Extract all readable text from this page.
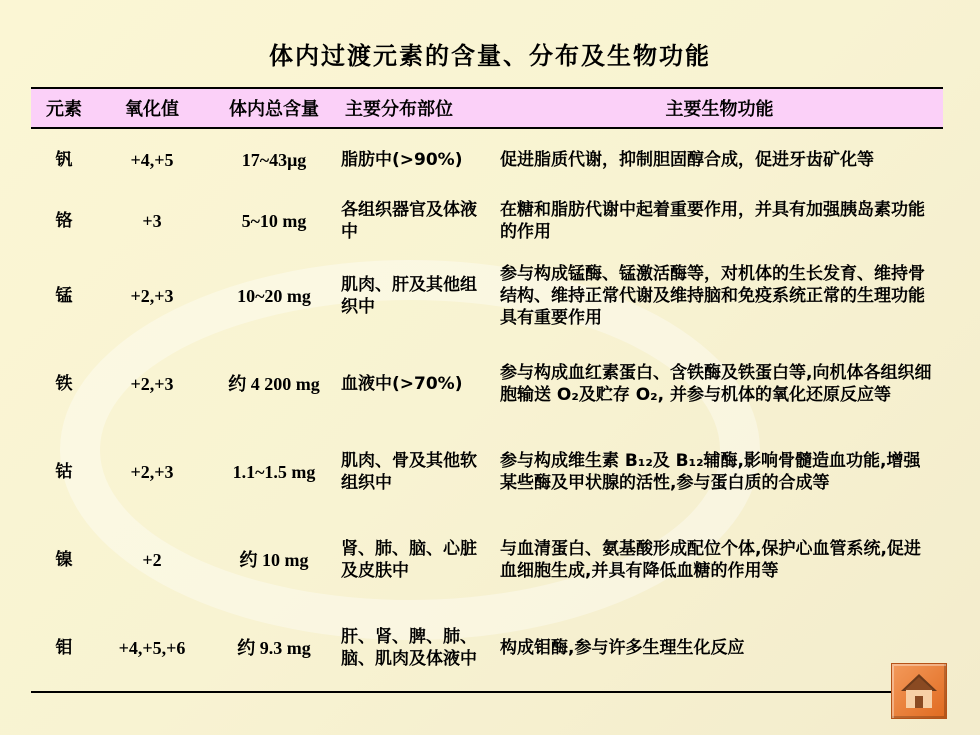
体内过渡元素的含量、分布及生物功能
元素	氧化值	体内总含量	主要分布部位	主要生物功能
钒	+4,+5	17~43μg	脂肪中(>90%)	促进脂质代谢，抑制胆固醇合成，促进牙齿矿化等
铬	+3	5~10 mg	各组织器官及体液中	在糖和脂肪代谢中起着重要作用，并具有加强胰岛素功能的作用
锰	+2,+3	10~20 mg	肌肉、肝及其他组织中	参与构成锰酶、锰激活酶等，对机体的生长发育、维持骨结构、维持正常代谢及维持脑和免疫系统正常的生理功能具有重要作用
铁	+2,+3	约 4 200 mg	血液中(>70%)	参与构成血红素蛋白、含铁酶及铁蛋白等,向机体各组织细胞输送 O₂及贮存 O₂, 并参与机体的氧化还原反应等
钴	+2,+3	1.1~1.5 mg	肌肉、骨及其他软组织中	参与构成维生素 B₁₂及 B₁₂辅酶,影响骨髓造血功能,增强某些酶及甲状腺的活性,参与蛋白质的合成等
镍	+2	约 10 mg	肾、肺、脑、心脏及皮肤中	与血清蛋白、氨基酸形成配位个体,保护心血管系统,促进血细胞生成,并具有降低血糖的作用等
钼	+4,+5,+6	约 9.3 mg	肝、肾、脾、肺、脑、肌肉及体液中	构成钼酶,参与许多生理生化反应
